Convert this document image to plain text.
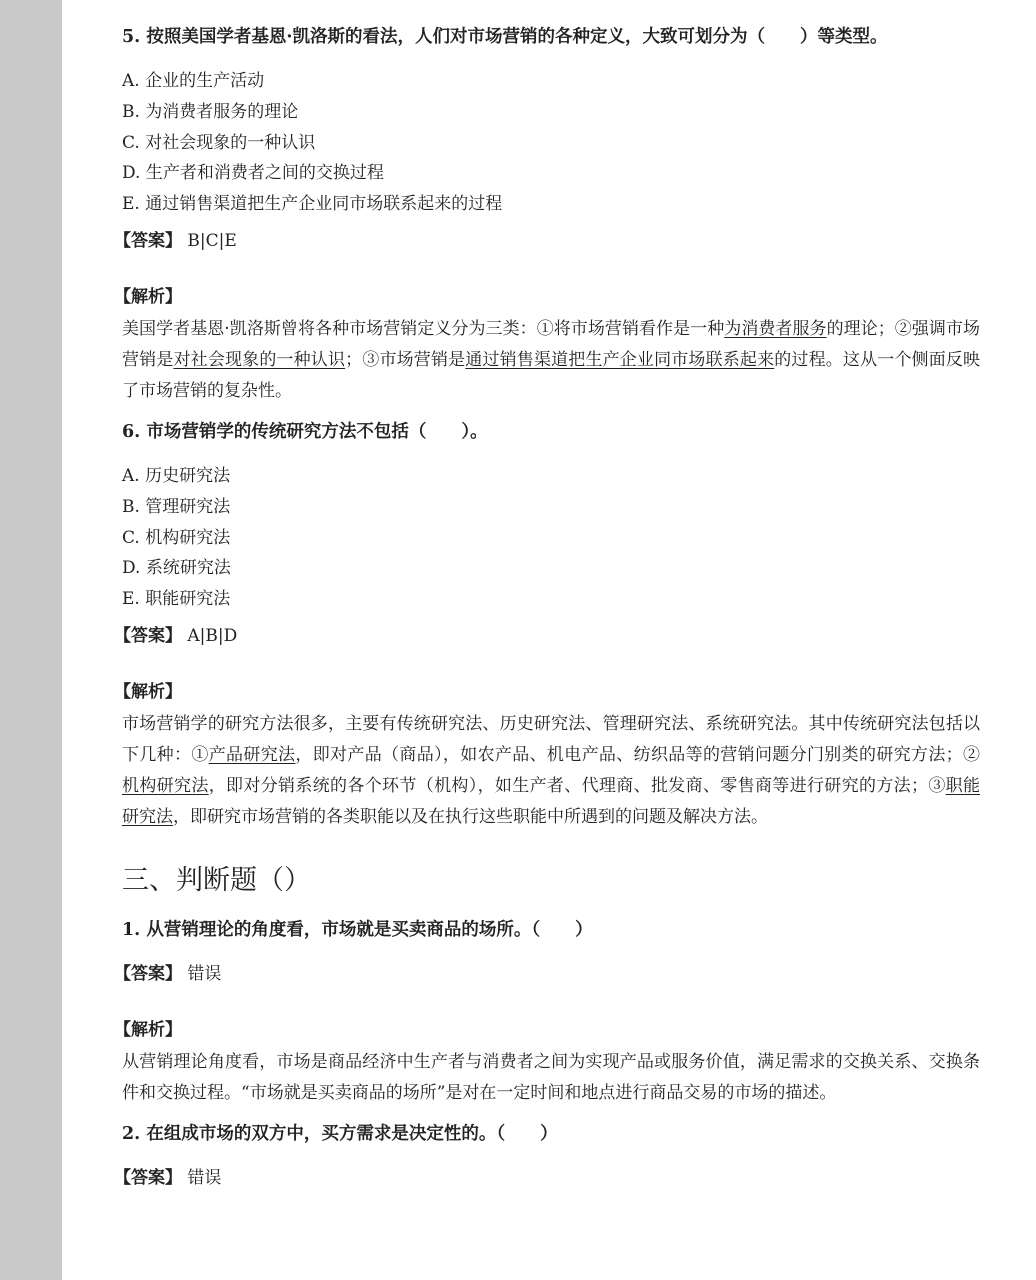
5. 按照美国学者基恩·凯洛斯的看法，人们对市场营销的各种定义，大致可划分为（　　）等类型。

A. 企业的生产活动

B. 为消费者服务的理论

C. 对社会现象的一种认识

D. 生产者和消费者之间的交换过程

E. 通过销售渠道把生产企业同市场联系起来的过程

【答案】 B|C|E

【解析】

美国学者基恩·凯洛斯曾将各种市场营销定义分为三类：①将市场营销看作是一种为消费者服务的理论；②强调市场营销是对社会现象的一种认识；③市场营销是通过销售渠道把生产企业同市场联系起来的过程。这从一个侧面反映了市场营销的复杂性。

6. 市场营销学的传统研究方法不包括（　　）。

A. 历史研究法

B. 管理研究法

C. 机构研究法

D. 系统研究法

E. 职能研究法

【答案】 A|B|D

【解析】

市场营销学的研究方法很多，主要有传统研究法、历史研究法、管理研究法、系统研究法。其中传统研究法包括以下几种：①产品研究法，即对产品（商品），如农产品、机电产品、纺织品等的营销问题分门别类的研究方法；②机构研究法，即对分销系统的各个环节（机构），如生产者、代理商、批发商、零售商等进行研究的方法；③职能研究法，即研究市场营销的各类职能以及在执行这些职能中所遇到的问题及解决方法。

三、判断题（）

1. 从营销理论的角度看，市场就是买卖商品的场所。（　　）

【答案】 错误

【解析】

从营销理论角度看，市场是商品经济中生产者与消费者之间为实现产品或服务价值，满足需求的交换关系、交换条件和交换过程。“市场就是买卖商品的场所”是对在一定时间和地点进行商品交易的市场的描述。

2. 在组成市场的双方中，买方需求是决定性的。（　　）

【答案】 错误
